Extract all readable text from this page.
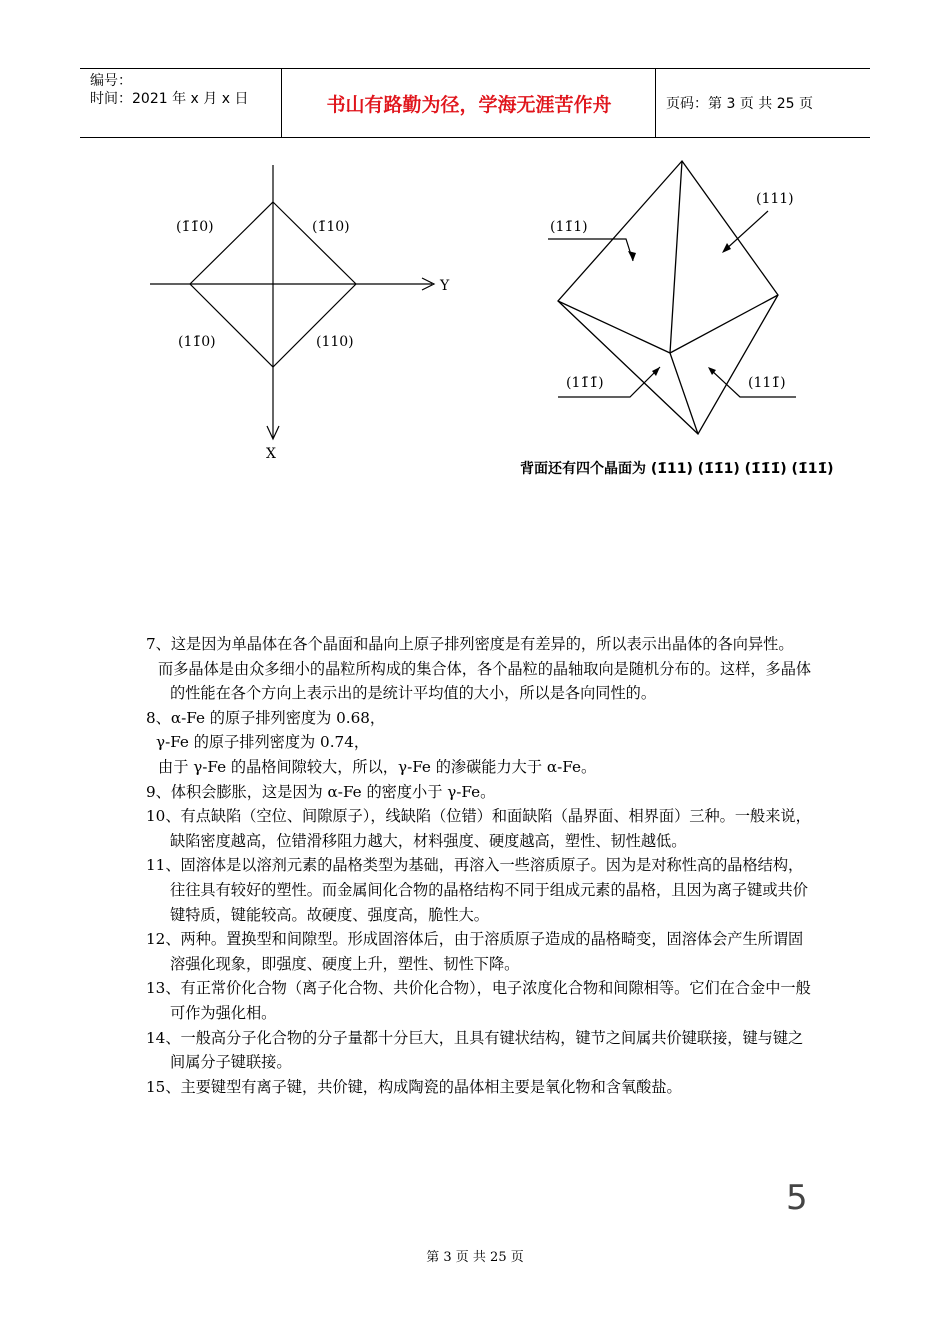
编号：
时间：2021 年 x 月 x 日	书山有路勤为径，学海无涯苦作舟	页码：第 3 页 共 25 页
Y
X
(1̄1̄0)	(1̄10)
(11̄0)	(110)
(111)
(11̄1)
(11̄1̄)	(111̄)
背面还有四个晶面为 (1̄11) (1̄1̄1) (1̄1̄1̄) (1̄11̄)

7、这是因为单晶体在各个晶面和晶向上原子排列密度是有差异的，所以表示出晶体的各向异性。

而多晶体是由众多细小的晶粒所构成的集合体，各个晶粒的晶轴取向是随机分布的。这样，多晶体的性能在各个方向上表示出的是统计平均值的大小，所以是各向同性的。

8、α-Fe 的原子排列密度为 0.68，

γ-Fe 的原子排列密度为 0.74，

由于 γ-Fe 的晶格间隙较大，所以，γ-Fe 的渗碳能力大于 α-Fe。

9、体积会膨胀，这是因为 α-Fe 的密度小于 γ-Fe。

10、有点缺陷（空位、间隙原子），线缺陷（位错）和面缺陷（晶界面、相界面）三种。一般来说，缺陷密度越高，位错滑移阻力越大，材料强度、硬度越高，塑性、韧性越低。

11、固溶体是以溶剂元素的晶格类型为基础，再溶入一些溶质原子。因为是对称性高的晶格结构，往往具有较好的塑性。而金属间化合物的晶格结构不同于组成元素的晶格，且因为离子键或共价键特质，键能较高。故硬度、强度高，脆性大。

12、两种。置换型和间隙型。形成固溶体后，由于溶质原子造成的晶格畸变，固溶体会产生所谓固溶强化现象，即强度、硬度上升，塑性、韧性下降。

13、有正常价化合物（离子化合物、共价化合物），电子浓度化合物和间隙相等。它们在合金中一般可作为强化相。

14、一般高分子化合物的分子量都十分巨大，且具有键状结构，键节之间属共价键联接，键与键之间属分子键联接。

15、主要键型有离子键，共价键，构成陶瓷的晶体相主要是氧化物和含氧酸盐。

5
第 3 页 共 25 页
